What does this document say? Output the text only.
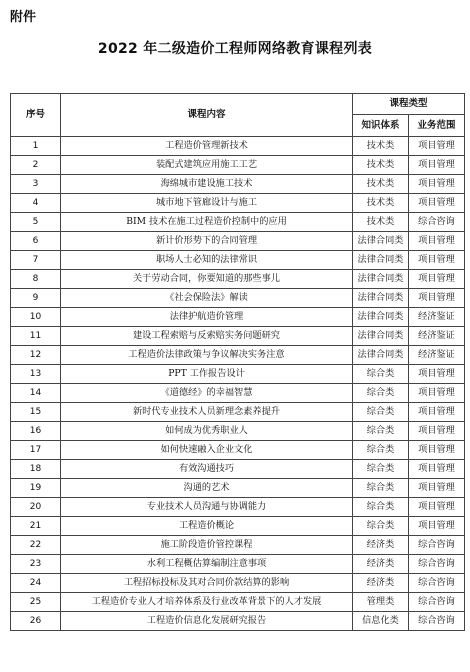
附件
2022 年二级造价工程师网络教育课程列表
序号	课程内容	课程类型	
		知识体系	业务范围
1	工程造价管理新技术	技术类	项目管理
2	装配式建筑应用施工工艺	技术类	项目管理
3	海绵城市建设施工技术	技术类	项目管理
4	城市地下管廊设计与施工	技术类	项目管理
5	BIM 技术在施工过程造价控制中的应用	技术类	综合咨询
6	新计价形势下的合同管理	法律合同类	项目管理
7	职场人士必知的法律常识	法律合同类	项目管理
8	关于劳动合同，你要知道的那些事儿	法律合同类	项目管理
9	《社会保险法》解读	法律合同类	项目管理
10	法律护航造价管理	法律合同类	经济鉴证
11	建设工程索赔与反索赔实务问题研究	法律合同类	经济鉴证
12	工程造价法律政策与争议解决实务注意	法律合同类	经济鉴证
13	PPT 工作报告设计	综合类	项目管理
14	《道德经》的幸福智慧	综合类	项目管理
15	新时代专业技术人员新理念素养提升	综合类	项目管理
16	如何成为优秀职业人	综合类	项目管理
17	如何快速融入企业文化	综合类	项目管理
18	有效沟通技巧	综合类	项目管理
19	沟通的艺术	综合类	项目管理
20	专业技术人员沟通与协调能力	综合类	项目管理
21	工程造价概论	综合类	项目管理
22	施工阶段造价管控课程	经济类	综合咨询
23	水利工程概估算编制注意事项	经济类	综合咨询
24	工程招标投标及其对合同价款结算的影响	经济类	综合咨询
25	工程造价专业人才培养体系及行业改革背景下的人才发展	管理类	综合咨询
26	工程造价信息化发展研究报告	信息化类	综合咨询
